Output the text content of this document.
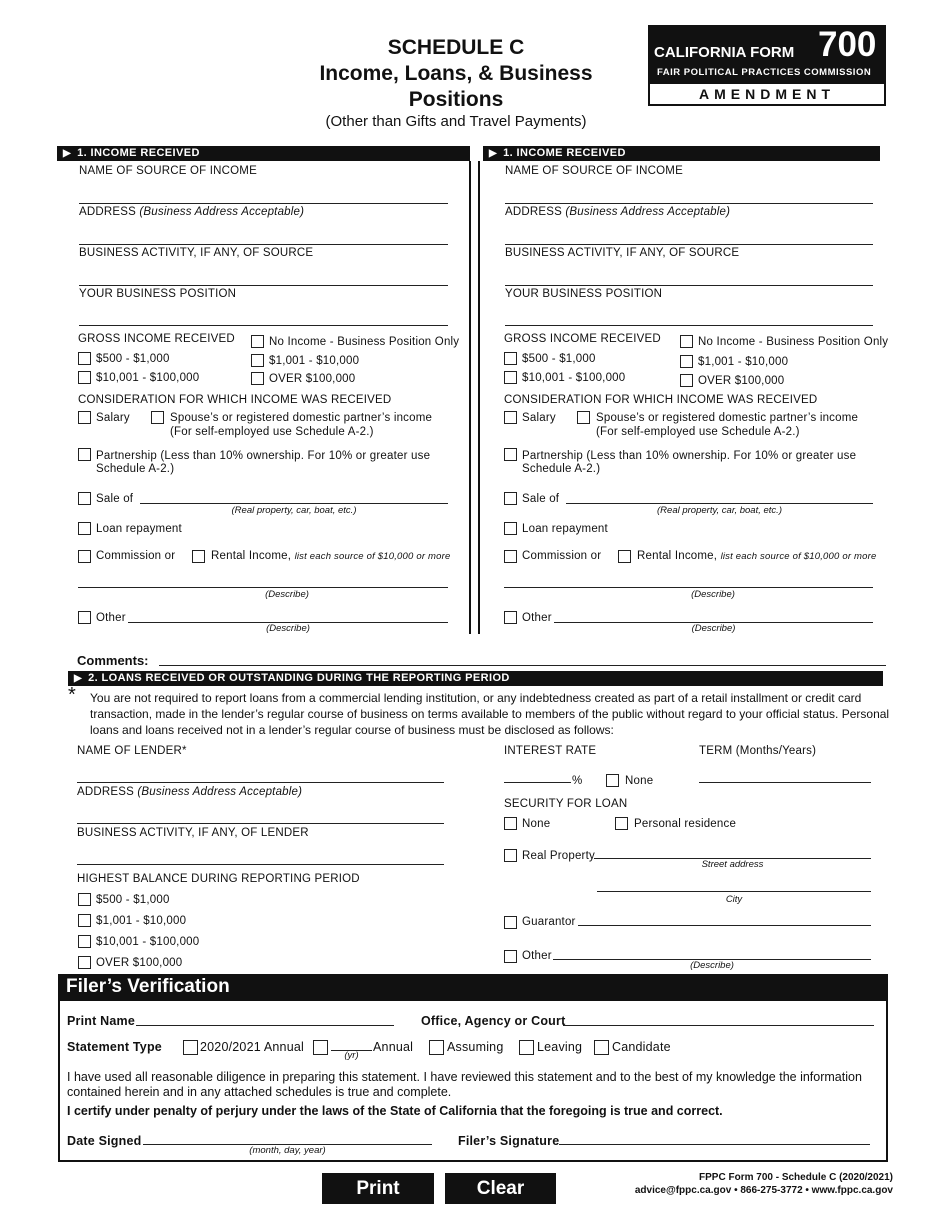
SCHEDULE C
Income, Loans, & Business
Positions
(Other than Gifts and Travel Payments)
CALIFORNIA FORM 700
FAIR POLITICAL PRACTICES COMMISSION
AMENDMENT
▶ 1. INCOME RECEIVED	▶ 1. INCOME RECEIVED
NAME OF SOURCE OF INCOME
ADDRESS (Business Address Acceptable)
BUSINESS ACTIVITY, IF ANY, OF SOURCE
YOUR BUSINESS POSITION
GROSS INCOME RECEIVED	No Income - Business Position Only
$500 - $1,000	$1,001 - $10,000
$10,001 - $100,000	OVER $100,000
CONSIDERATION FOR WHICH INCOME WAS RECEIVED
Salary	Spouse’s or registered domestic partner’s income
(For self-employed use Schedule A-2.)
Partnership (Less than 10% ownership. For 10% or greater use
Schedule A-2.)
Sale of
(Real property, car, boat, etc.)
Loan repayment
Commission or	Rental Income, list each source of $10,000 or more
(Describe)
Other
(Describe)
NAME OF SOURCE OF INCOME
ADDRESS (Business Address Acceptable)
BUSINESS ACTIVITY, IF ANY, OF SOURCE
YOUR BUSINESS POSITION
GROSS INCOME RECEIVED	No Income - Business Position Only
$500 - $1,000	$1,001 - $10,000
$10,001 - $100,000	OVER $100,000
CONSIDERATION FOR WHICH INCOME WAS RECEIVED
Salary	Spouse’s or registered domestic partner’s income
(For self-employed use Schedule A-2.)
Partnership (Less than 10% ownership. For 10% or greater use
Schedule A-2.)
Sale of
(Real property, car, boat, etc.)
Loan repayment
Commission or	Rental Income, list each source of $10,000 or more
(Describe)
Other
(Describe)
Comments:
▶ 2. LOANS RECEIVED OR OUTSTANDING DURING THE REPORTING PERIOD
* You are not required to report loans from a commercial lending institution, or any indebtedness created as part of a retail installment or credit card transaction, made in the lender’s regular course of business on terms available to members of the public without regard to your official status. Personal loans and loans received not in a lender’s regular course of business must be disclosed as follows:
NAME OF LENDER*
ADDRESS (Business Address Acceptable)
BUSINESS ACTIVITY, IF ANY, OF LENDER
HIGHEST BALANCE DURING REPORTING PERIOD
$500 - $1,000
$1,001 - $10,000
$10,001 - $100,000
OVER $100,000
INTEREST RATE	TERM (Months/Years)
%	None
SECURITY FOR LOAN
None	Personal residence
Real Property
Street address
City
Guarantor
Other
(Describe)
Filer’s Verification
Print Name	Office, Agency or Court
Statement Type	2020/2021 Annual
(yr)
Annual	Assuming	Leaving Candidate
I have used all reasonable diligence in preparing this statement. I have reviewed this statement and to the best of my knowledge the information contained herein and in any attached schedules is true and complete.
I certify under penalty of perjury under the laws of the State of California that the foregoing is true and correct.
Date Signed
(month, day, year)
Filer’s Signature
Print	Clear
FPPC Form 700 - Schedule C (2020/2021)
advice@fppc.ca.gov • 866-275-3772 • www.fppc.ca.gov
